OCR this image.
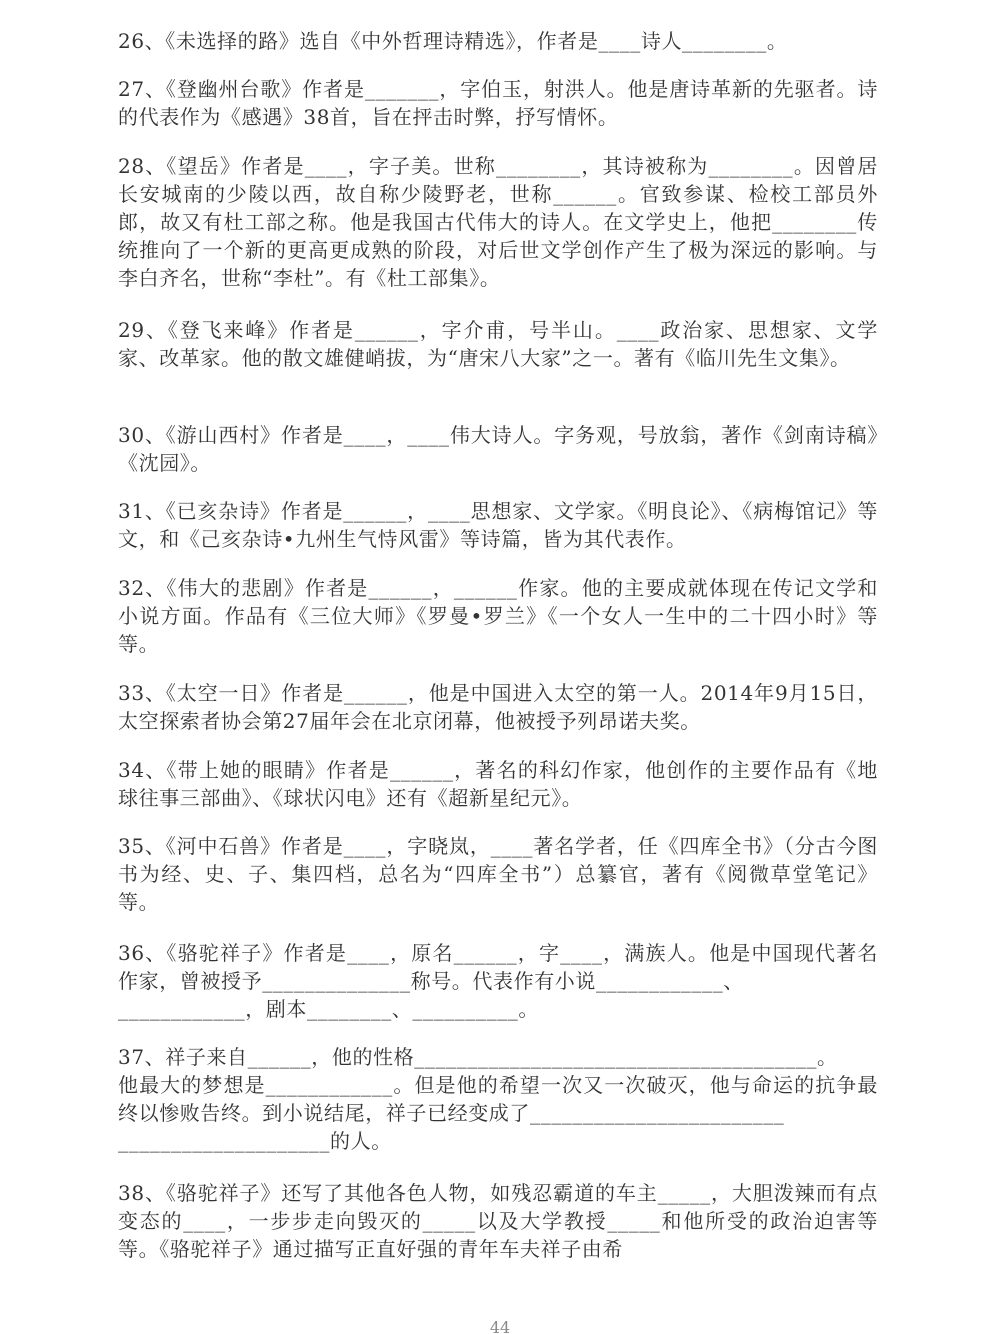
26、《未选择的路》选自《中外哲理诗精选》，作者是____诗人________。

27、《登幽州台歌》作者是_______，字伯玉，射洪人。他是唐诗革新的先驱者。诗的代表作为《感遇》38首，旨在抨击时弊，抒写情怀。

28、《望岳》作者是____，字子美。世称________，其诗被称为________。因曾居长安城南的少陵以西，故自称少陵野老，世称______。官致参谋、检校工部员外郎，故又有杜工部之称。他是我国古代伟大的诗人。在文学史上，他把________传统推向了一个新的更高更成熟的阶段，对后世文学创作产生了极为深远的影响。与李白齐名，世称“李杜”。有《杜工部集》。

29、《登飞来峰》作者是______，字介甫，号半山。____政治家、思想家、文学家、改革家。他的散文雄健峭拔，为“唐宋八大家”之一。著有《临川先生文集》。

30、《游山西村》作者是____，____伟大诗人。字务观，号放翁，著作《剑南诗稿》《沈园》。

31、《已亥杂诗》作者是______，____思想家、文学家。《明良论》、《病梅馆记》等文，和《己亥杂诗•九州生气恃风雷》等诗篇，皆为其代表作。

32、《伟大的悲剧》作者是______，______作家。他的主要成就体现在传记文学和小说方面。作品有《三位大师》《罗曼•罗兰》《一个女人一生中的二十四小时》等等。

33、《太空一日》作者是______，他是中国进入太空的第一人。2014年9月15日，太空探索者协会第27届年会在北京闭幕，他被授予列昂诺夫奖。

34、《带上她的眼睛》作者是______，著名的科幻作家，他创作的主要作品有《地球往事三部曲》、《球状闪电》还有《超新星纪元》。

35、《河中石兽》作者是____，字晓岚，____著名学者，任《四库全书》（分古今图书为经、史、子、集四档，总名为“四库全书”）总纂官，著有《阅微草堂笔记》等。

36、《骆驼祥子》作者是____，原名______，字____，满族人。他是中国现代著名作家，曾被授予______________称号。代表作有小说____________、

____________，剧本________、__________。

37、祥子来自______，他的性格______________________________________。

他最大的梦想是____________。但是他的希望一次又一次破灭，他与命运的抗争最终以惨败告终。到小说结尾，祥子已经变成了________________________

____________________的人。

38、《骆驼祥子》还写了其他各色人物，如残忍霸道的车主_____，大胆泼辣而有点变态的____，一步步走向毁灭的_____以及大学教授_____和他所受的政治迫害等等。《骆驼祥子》通过描写正直好强的青年车夫祥子由希

44
